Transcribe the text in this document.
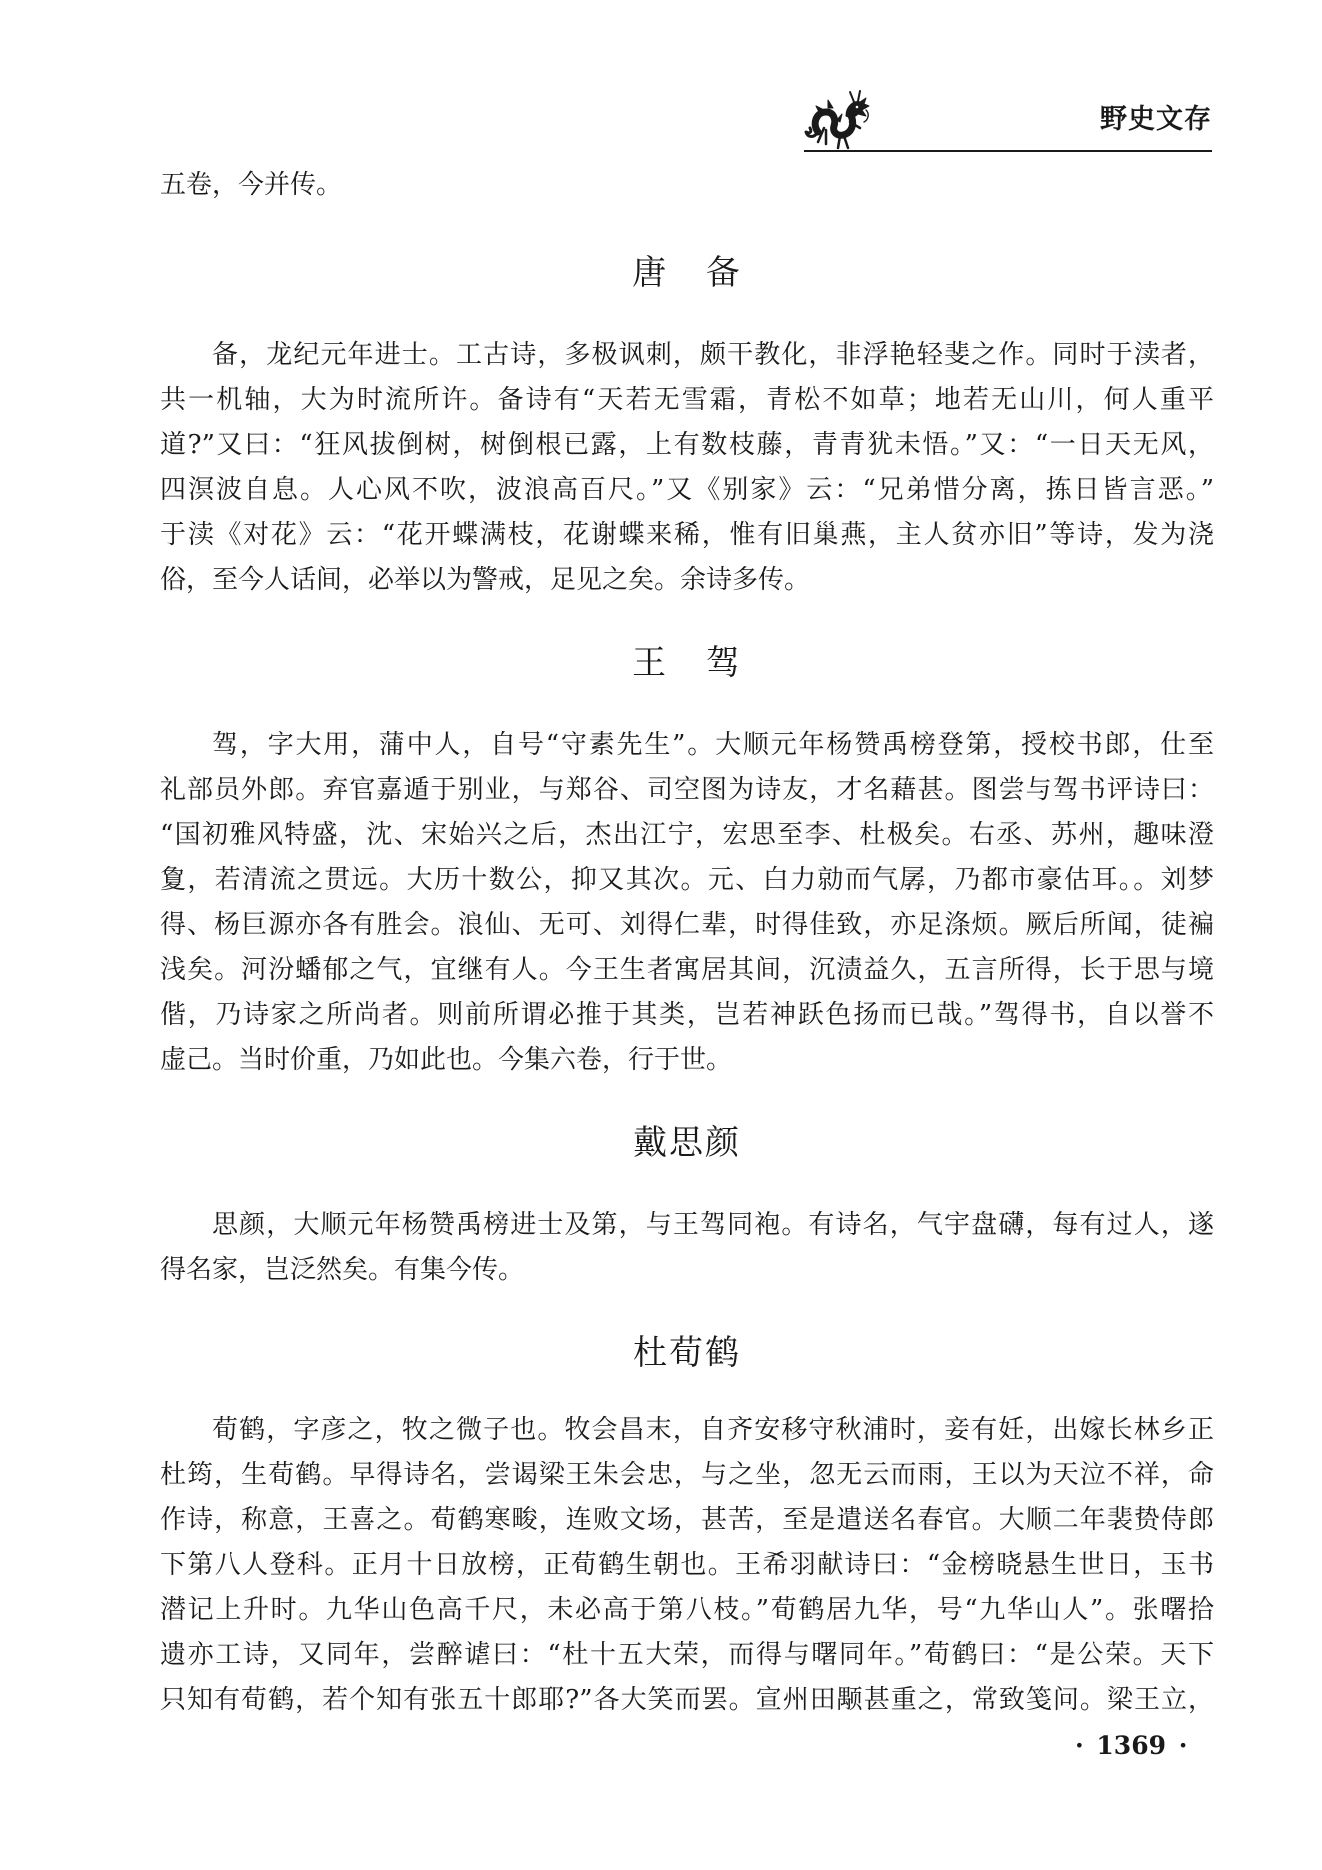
野史文存
五卷，今并传。
唐 备
备，龙纪元年进士。工古诗，多极讽刺，颇干教化，非浮艳轻斐之作。同时于渎者，
共一机轴，大为时流所许。备诗有“天若无雪霜，青松不如草；地若无山川，何人重平
道?”又曰：“狂风拔倒树，树倒根已露，上有数枝藤，青青犹未悟。”又：“一日天无风，
四溟波自息。人心风不吹，波浪高百尺。”又《别家》云：“兄弟惜分离，拣日皆言恶。”
于渎《对花》云：“花开蝶满枝，花谢蝶来稀，惟有旧巢燕，主人贫亦旧”等诗，发为浇
俗，至今人话间，必举以为警戒，足见之矣。余诗多传。
王 驾
驾，字大用，蒲中人，自号“守素先生”。大顺元年杨赞禹榜登第，授校书郎，仕至
礼部员外郎。弃官嘉遁于别业，与郑谷、司空图为诗友，才名藉甚。图尝与驾书评诗曰：
“国初雅风特盛，沈、宋始兴之后，杰出江宁，宏思至李、杜极矣。右丞、苏州，趣味澄
夐，若清流之贯远。大历十数公，抑又其次。元、白力勍而气孱，乃都市豪估耳。。刘梦
得、杨巨源亦各有胜会。浪仙、无可、刘得仁辈，时得佳致，亦足涤烦。厥后所闻，徒褊
浅矣。河汾蟠郁之气，宜继有人。今王生者寓居其间，沉渍益久，五言所得，长于思与境
偕，乃诗家之所尚者。则前所谓必推于其类，岂若神跃色扬而已哉。”驾得书，自以誉不
虚己。当时价重，乃如此也。今集六卷，行于世。
戴思颜
思颜，大顺元年杨赞禹榜进士及第，与王驾同袍。有诗名，气宇盘礴，每有过人，遂
得名家，岂泛然矣。有集今传。
杜荀鹤
荀鹤，字彦之，牧之微子也。牧会昌末，自齐安移守秋浦时，妾有妊，出嫁长林乡正
杜筠，生荀鹤。早得诗名，尝谒梁王朱会忠，与之坐，忽无云而雨，王以为天泣不祥，命
作诗，称意，王喜之。荀鹤寒畯，连败文场，甚苦，至是遣送名春官。大顺二年裴贽侍郎
下第八人登科。正月十日放榜，正荀鹤生朝也。王希羽献诗曰：“金榜晓悬生世日，玉书
潜记上升时。九华山色高千尺，未必高于第八枝。”荀鹤居九华，号“九华山人”。张曙拾
遗亦工诗，又同年，尝醉谑曰：“杜十五大荣，而得与曙同年。”荀鹤曰：“是公荣。天下
只知有荀鹤，若个知有张五十郎耶?”各大笑而罢。宣州田颙甚重之，常致笺问。梁王立，
· 1369 ·
